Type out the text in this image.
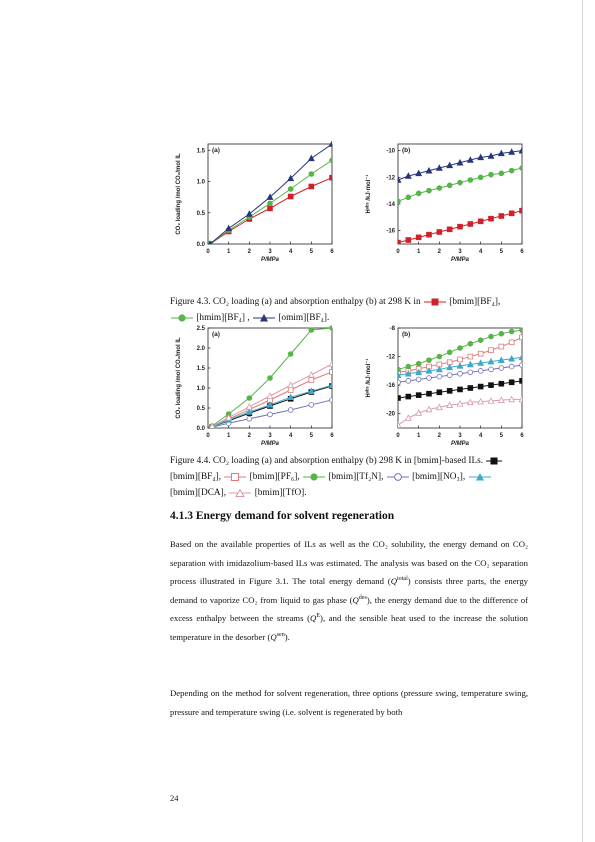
0	1	2	3	4	5	6
0.0
0.5
1.0
1.5
P/MPa
CO₂ loading /mol CO₂/mol IL
(a)
0	1	2	3	4	5	6
-10
-12
-14
-16
P/MPa
Hᵃᵇˢ /kJ·mol⁻¹
(b)
Figure 4.3. CO₂ loading (a) and absorption enthalpy (b) at 298 K in	[bmim][BF₄],
[hmim][BF₄] ,	[omim][BF₄].
0	1	2	3	4	5	6
0.0
0.5
1.0
1.5
2.0
2.5
P/MPa
CO₂ loading /mol CO₂/mol IL
(a)
0	1	2	3	4	5	6
-8
-12
-16
-20
P/MPa
Hᵃᵇˢ /kJ·mol⁻¹
(b)
Figure 4.4. CO₂ loading (a) and absorption enthalpy (b) 298 K in [bmim]-based ILs.
[bmim][BF₄],	[bmim][PF₆],	[bmim][Tf₂N],	[bmim][NO₃],
[bmim][DCA],	[bmim][TfO].
4.1.3 Energy demand for solvent regeneration
Based on the available properties of ILs as well as the CO₂ solubility, the energy demand on CO₂ separation with imidazolium-based ILs was estimated. The analysis was based on the CO₂ separation process illustrated in Figure 3.1. The total energy demand $(Q^{total})$ consists three parts, the energy demand to vaporize CO₂ from liquid to gas phase $(Q^{des})$, the energy demand due to the difference of excess enthalpy between the streams $(Q^E)$, and the sensible heat used to the increase the solution temperature in the desorber $(Q^{sen})$.
Depending on the method for solvent regeneration, three options (pressure swing, temperature swing, pressure and temperature swing (i.e. solvent is regenerated by both
24
